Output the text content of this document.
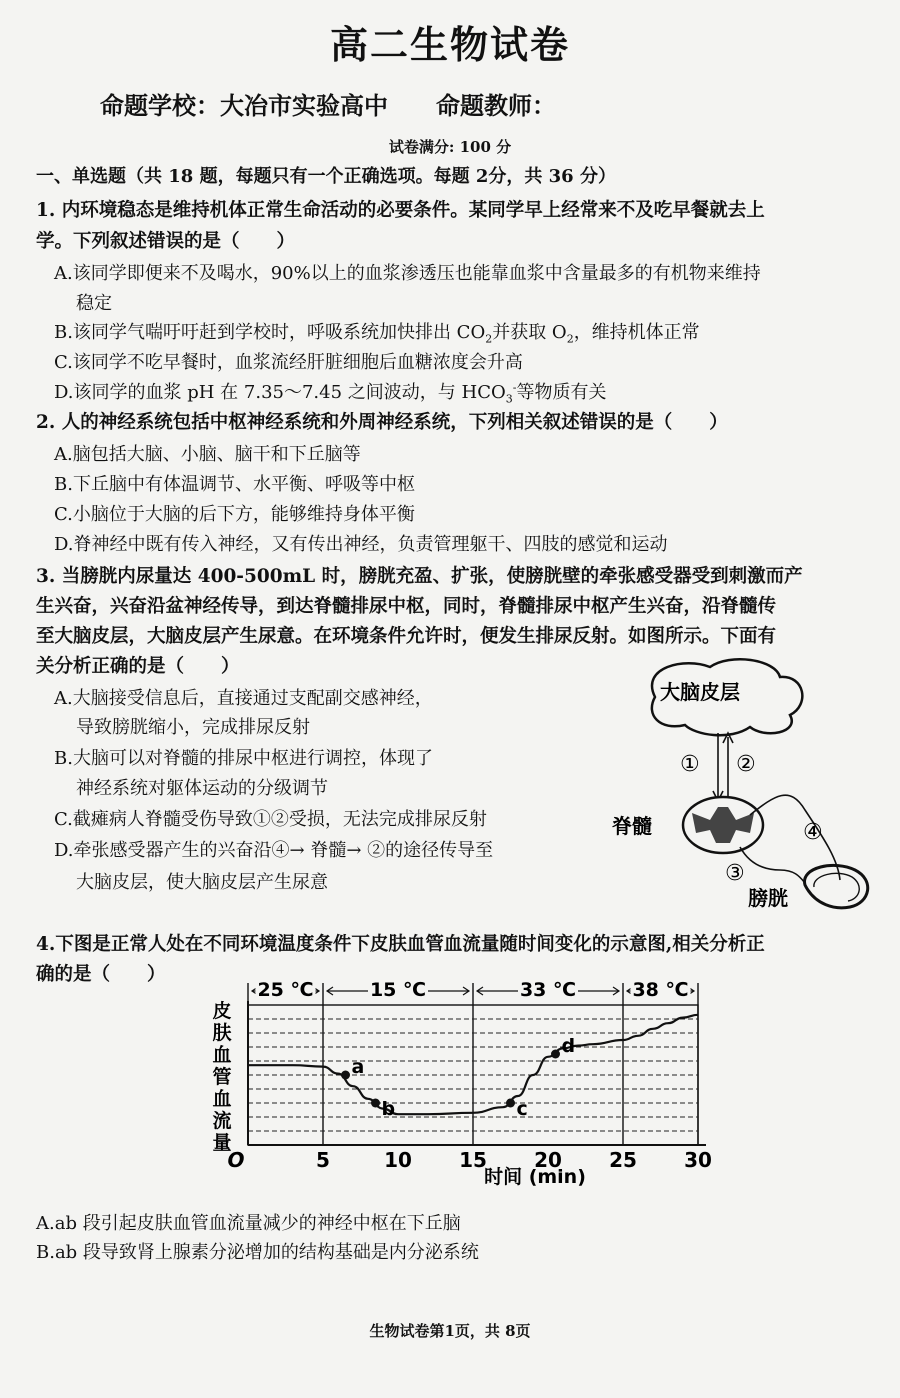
高二生物试卷
命题学校：大冶市实验高中　　命题教师：
试卷满分: 100 分
一、单选题（共 18 题，每题只有一个正确选项。每题 2分，共 36 分）
1. 内环境稳态是维持机体正常生命活动的必要条件。某同学早上经常来不及吃早餐就去上
学。下列叙述错误的是（　　）
A.该同学即便来不及喝水，90%以上的血浆渗透压也能靠血浆中含量最多的有机物来维持
稳定
B.该同学气喘吁吁赶到学校时，呼吸系统加快排出 $CO_2$并获取 $O_2$，维持机体正常
C.该同学不吃早餐时，血浆流经肝脏细胞后血糖浓度会升高
D.该同学的血浆 pH 在 7.35～7.45 之间波动，与 $HCO_3^-$等物质有关
2. 人的神经系统包括中枢神经系统和外周神经系统，下列相关叙述错误的是（　　）
A.脑包括大脑、小脑、脑干和下丘脑等
B.下丘脑中有体温调节、水平衡、呼吸等中枢
C.小脑位于大脑的后下方，能够维持身体平衡
D.脊神经中既有传入神经，又有传出神经，负责管理躯干、四肢的感觉和运动
3. 当膀胱内尿量达 400-500mL 时，膀胱充盈、扩张，使膀胱壁的牵张感受器受到刺激而产
生兴奋，兴奋沿盆神经传导，到达脊髓排尿中枢，同时，脊髓排尿中枢产生兴奋，沿脊髓传
至大脑皮层，大脑皮层产生尿意。在环境条件允许时，便发生排尿反射。如图所示。下面有
关分析正确的是（　　）
A.大脑接受信息后，直接通过支配副交感神经，
导致膀胱缩小，完成排尿反射
B.大脑可以对脊髓的排尿中枢进行调控，体现了
神经系统对躯体运动的分级调节
C.截瘫病人脊髓受伤导致①②受损，无法完成排尿反射
D.牵张感受器产生的兴奋沿④→ 脊髓→ ②的途径传导至
大脑皮层，使大脑皮层产生尿意
大脑皮层
① ②
脊髓	④
③
膀胱
4.下图是正常人处在不同环境温度条件下皮肤血管血流量随时间变化的示意图,相关分析正
确的是（　　）
25 ℃	15 ℃	33 ℃	38 ℃
a
b	c
d
O	5	10 15 20 25 30
时间 (min)
皮
肤
血
管
血
流
量
A.ab 段引起皮肤血管血流量减少的神经中枢在下丘脑
B.ab 段导致肾上腺素分泌增加的结构基础是内分泌系统
生物试卷第1页，共 8页
